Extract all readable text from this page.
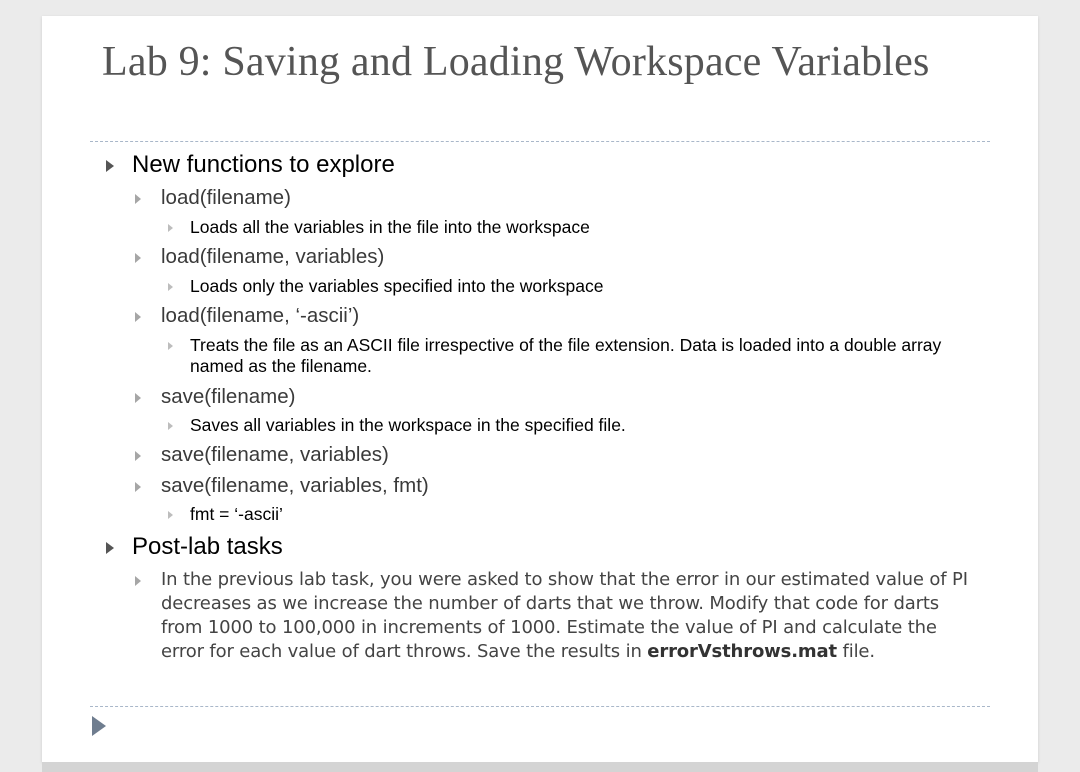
Lab 9: Saving and Loading Workspace Variables
New functions to explore
load(filename)
Loads all the variables in the file into the workspace
load(filename, variables)
Loads only the variables specified into the workspace
load(filename, ‘-ascii’)
Treats the file as an ASCII file irrespective of the file extension. Data is loaded into a double array named as the filename.
save(filename)
Saves all variables in the workspace in the specified file.
save(filename, variables)
save(filename, variables, fmt)
fmt = ‘-ascii’
Post-lab tasks
In the previous lab task, you were asked to show that the error in our estimated value of PI decreases as we increase the number of darts that we throw. Modify that code for darts from 1000 to 100,000 in increments of 1000. Estimate the value of PI and calculate the error for each value of dart throws. Save the results in errorVsthrows.mat file.
